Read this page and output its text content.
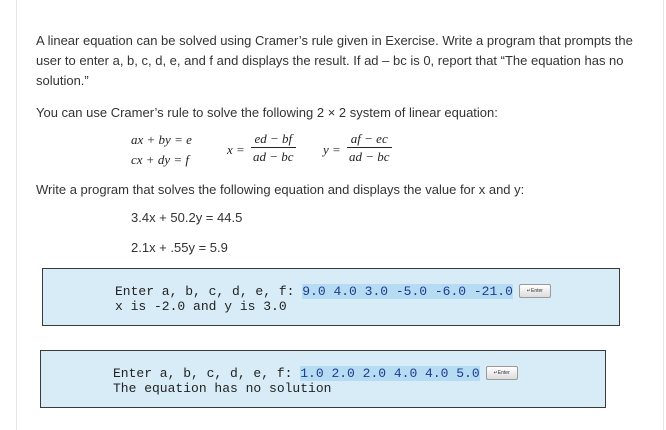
A linear equation can be solved using Cramer’s rule given in Exercise. Write a program that prompts the user to enter a, b, c, d, e, and f and displays the result. If ad – bc is 0, report that “The equation has no solution.”

You can use Cramer’s rule to solve the following 2 × 2 system of linear equation:

ax + by = e
cx + dy = f
$x = \frac{ed - bf}{ad - bc}$ $y = \frac{af - ec}{ad - bc}$

Write a program that solves the following equation and displays the value for x and y:

3.4x + 50.2y = 44.5
2.1x + .55y = 5.9
Enter a, b, c, d, e, f: 9.0 4.0 3.0 -5.0 -6.0 -21.0	↵Enter
x is -2.0 and y is 3.0
Enter a, b, c, d, e, f: 1.0 2.0 2.0 4.0 4.0 5.0	↵Enter
The equation has no solution
